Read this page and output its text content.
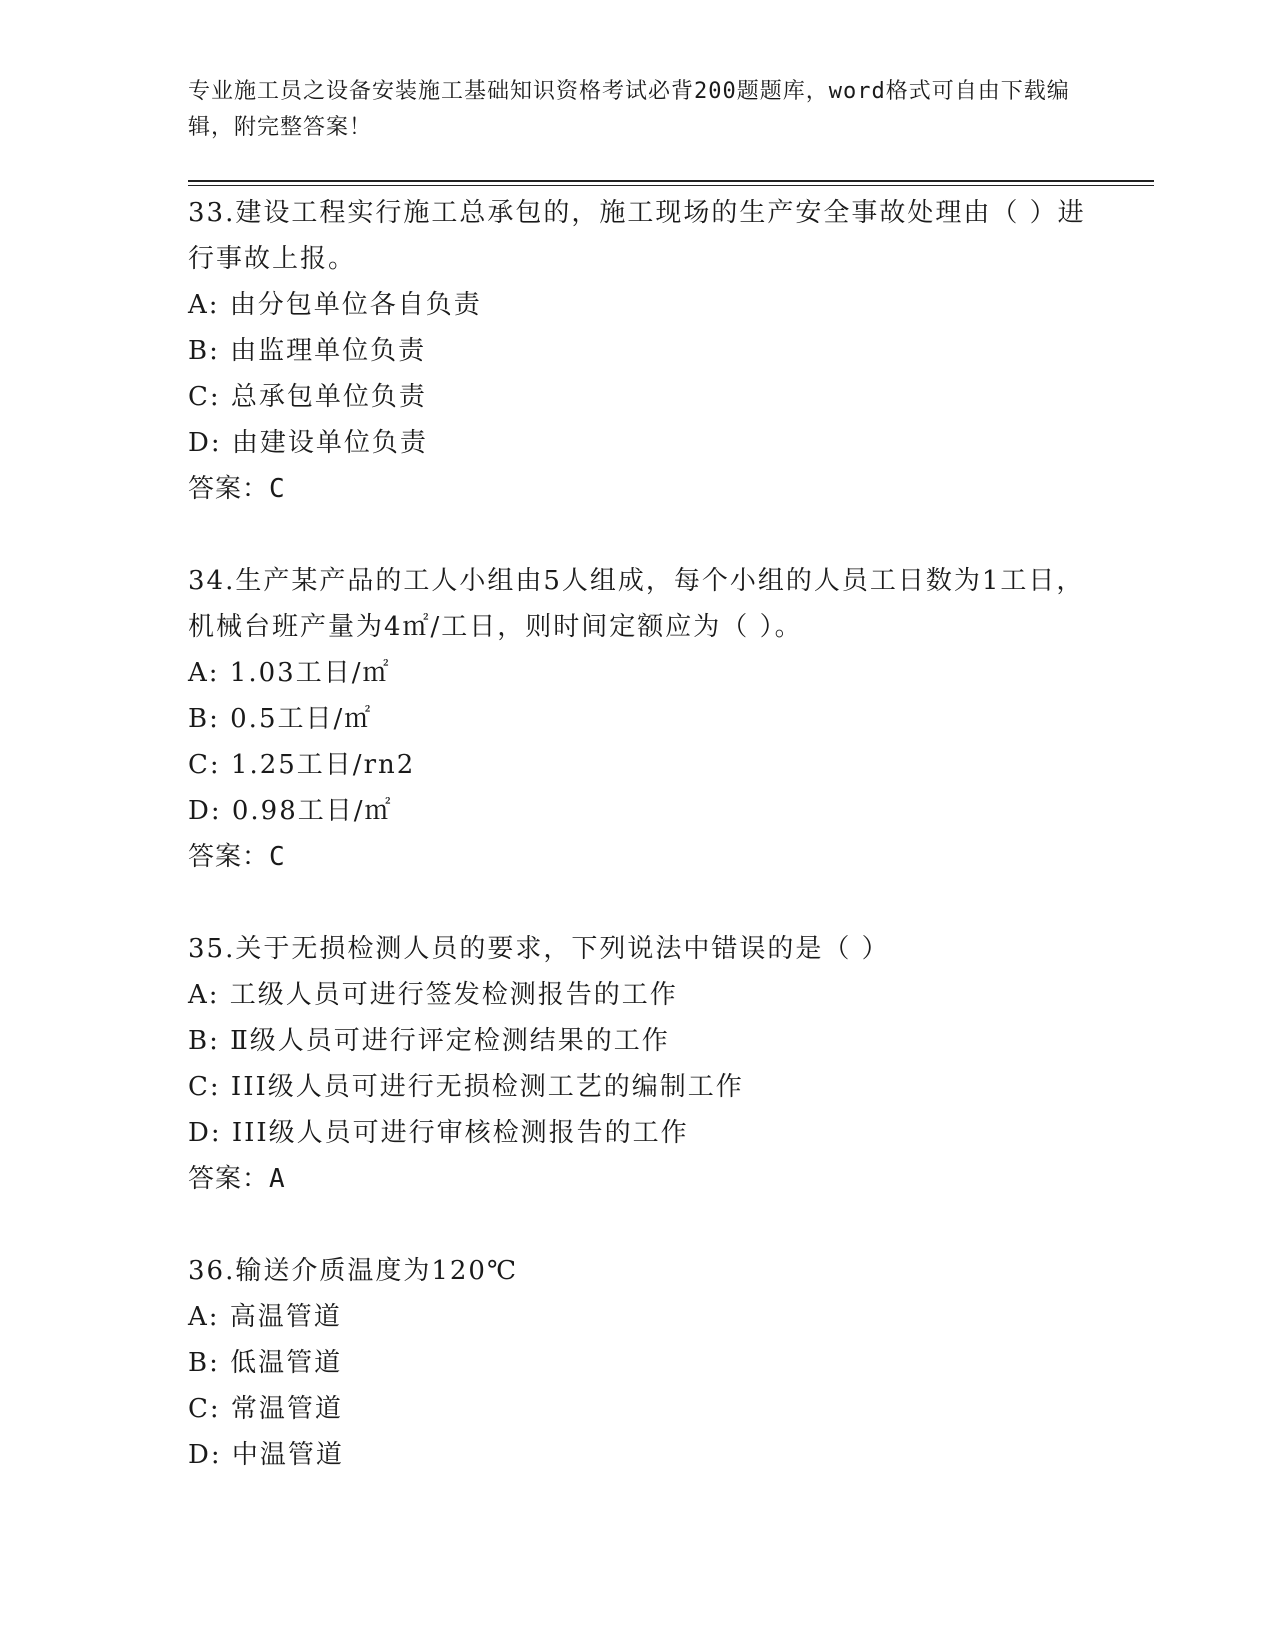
专业施工员之设备安装施工基础知识资格考试必背200题题库，word格式可自由下载编辑，附完整答案！

33.建设工程实行施工总承包的，施工现场的生产安全事故处理由（ ）进行事故上报。

A: 由分包单位各自负责

B: 由监理单位负责

C: 总承包单位负责

D: 由建设单位负责

答案：C

34.生产某产品的工人小组由5人组成，每个小组的人员工日数为1工日，机械台班产量为4㎡/工日，则时间定额应为（ ）。

A: 1.03工日/㎡

B: 0.5工日/㎡

C: 1.25工日/rn2

D: 0.98工日/㎡

答案：C

35.关于无损检测人员的要求，下列说法中错误的是（ ）

A: 工级人员可进行签发检测报告的工作

B: Ⅱ级人员可进行评定检测结果的工作

C: III级人员可进行无损检测工艺的编制工作

D: III级人员可进行审核检测报告的工作

答案：A

36.输送介质温度为120℃

A: 高温管道

B: 低温管道

C: 常温管道

D: 中温管道
